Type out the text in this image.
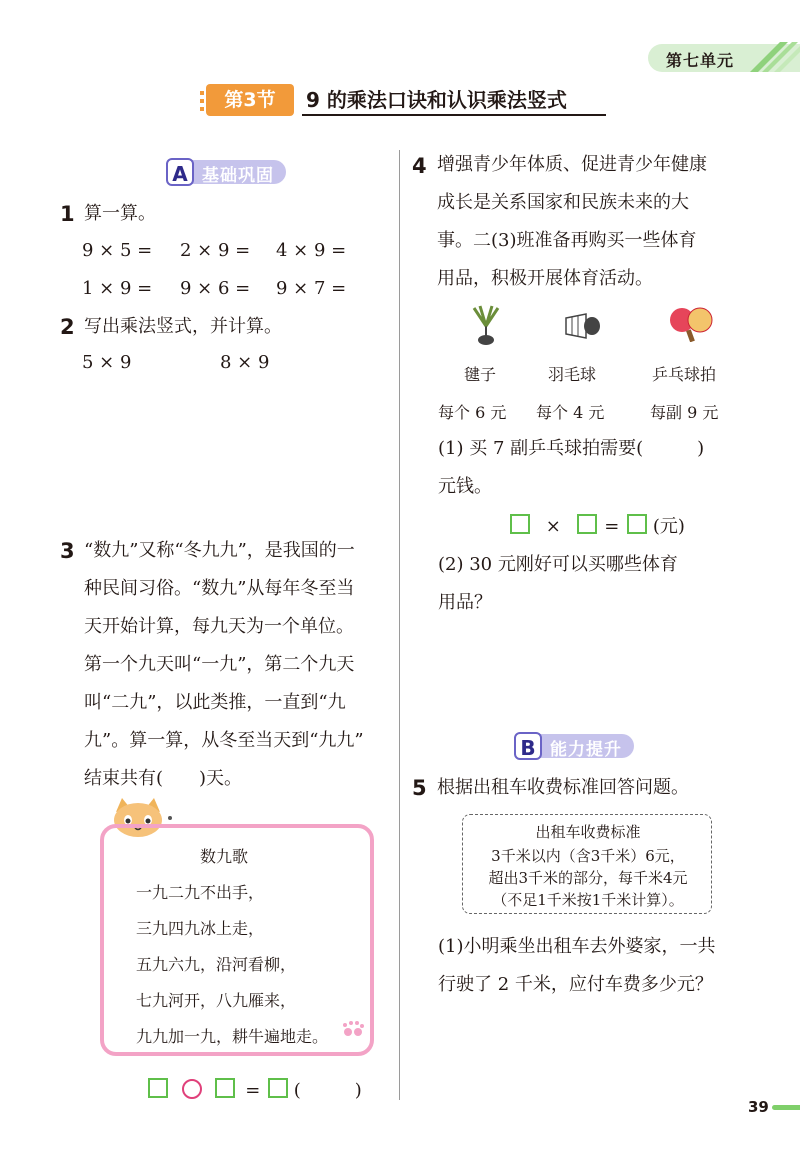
第七单元
第3节	9 的乘法口诀和认识乘法竖式
A 基础巩固
1 算一算。
9 × 5 = 2 × 9 = 4 × 9 =
1 × 9 = 9 × 6 = 9 × 7 =
2 写出乘法竖式，并计算。
5 × 9	8 × 9
3 “数九”又称“冬九九”，是我国的一
种民间习俗。“数九”从每年冬至当
天开始计算，每九天为一个单位。
第一个九天叫“一九”，第二个九天
叫“二九”，以此类推，一直到“九
九”。算一算，从冬至当天到“九九”
结束共有(　　)天。
数九歌
一九二九不出手，
三九四九冰上走，
五九六九，沿河看柳，
七九河开，八九雁来，
九九加一九，耕牛遍地走。
= (　　　)
4 增强青少年体质、促进青少年健康
成长是关系国家和民族未来的大
事。二(3)班准备再购买一些体育
用品，积极开展体育活动。
毽子	羽毛球	乒乓球拍
每个 6 元 每个 4 元	每副 9 元
(1) 买 7 副乒乓球拍需要(　　　)
元钱。
× = (元)
(2) 30 元刚好可以买哪些体育
用品？
B 能力提升
5 根据出租车收费标准回答问题。
出租车收费标准
3千米以内（含3千米）6元，
超出3千米的部分，每千米4元
（不足1千米按1千米计算）。
(1)小明乘坐出租车去外婆家，一共
行驶了 2 千米，应付车费多少元？
39
